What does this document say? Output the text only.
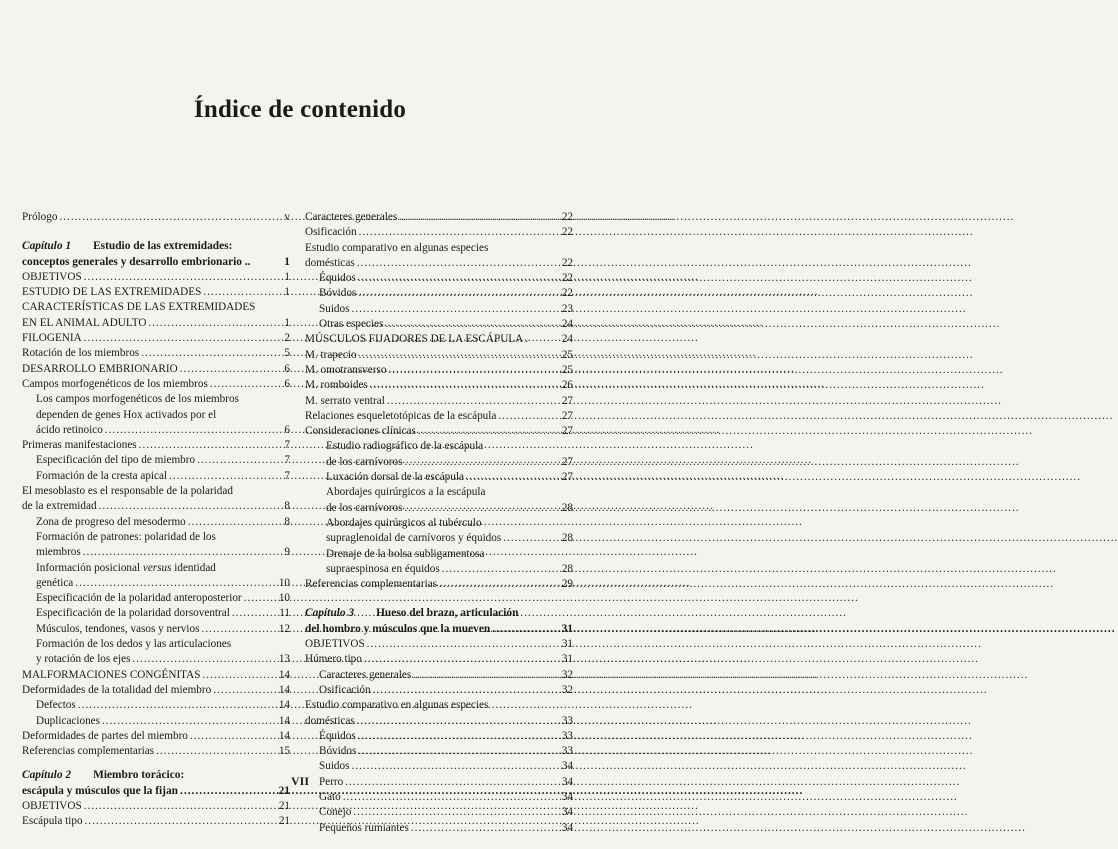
Índice de contenido
Prólogo .....	v
Capítulo 1 Estudio de las extremidades:
conceptos generales y desarrollo embrionario ..	1
OBJETIVOS .....	1
ESTUDIO DE LAS EXTREMIDADES .....	1
CARACTERÍSTICAS DE LAS EXTREMIDADES
EN EL ANIMAL ADULTO .....	1
FILOGENIA .....	2
Rotación de los miembros .....	5
DESARROLLO EMBRIONARIO .....	6
Campos morfogenéticos de los miembros .....	6
Los campos morfogenéticos de los miembros
dependen de genes Hox activados por el
ácido retinoico .....	6
Primeras manifestaciones .....	7
Especificación del tipo de miembro .....	7
Formación de la cresta apical .....	7
El mesoblasto es el responsable de la polaridad
de la extremidad .....	8
Zona de progreso del mesodermo .....	8
Formación de patrones: polaridad de los
miembros .....	9
Información posicional versus identidad
genética .....	10
Especificación de la polaridad anteroposterior .....	10
Especificación de la polaridad dorsoventral .....	11
Músculos, tendones, vasos y nervios .....	12
Formación de los dedos y las articulaciones
y rotación de los ejes .....	13
MALFORMACIONES CONGÉNITAS .....	14
Deformidades de la totalidad del miembro .....	14
Defectos .....	14
Duplicaciones .....	14
Deformidades de partes del miembro .....	14
Referencias complementarias .....	15
Capítulo 2 Miembro torácico:
escápula y músculos que la fijan .....	21
OBJETIVOS .....	21
Escápula tipo .....	21
Caracteres generales .....	22
Osificación .....	22
Estudio comparativo en algunas especies
domésticas .....	22
Équidos .....	22
Bóvidos .....	22
Suidos .....	23
Otras especies .....	24
MÚSCULOS FIJADORES DE LA ESCÁPULA .	24
M. trapecio .....	25
M. omotransverso .....	25
M. romboides .....	26
M. serrato ventral .....	27
Relaciones esqueletotópicas de la escápula .....	27
Consideraciones clínicas .....	27
Estudio radiográfico de la escápula
de los carnívoros .....	27
Luxación dorsal de la escápula .....	27
Abordajes quirúrgicos a la escápula
de los carnívoros .....	28
Abordajes quirúrgicos al tubérculo
supraglenoidal de carnívoros y équidos .....	28
Drenaje de la bolsa subligamentosa
supraespinosa en équidos .....	28
Referencias complementarias .....	29
Capítulo 3 Hueso del brazo, articulación
del hombro y músculos que la mueven .....	31
OBJETIVOS .....	31
Húmero tipo .....	31
Caracteres generales .....	32
Osificación .....	32
Estudio comparativo en algunas especies
domésticas .....	33
Équidos .....	33
Bóvidos .....	33
Suidos .....	34
Perro .....	34
Gato .....	34
Conejo .....	34
Pequeños rumiantes .....	34
VII
